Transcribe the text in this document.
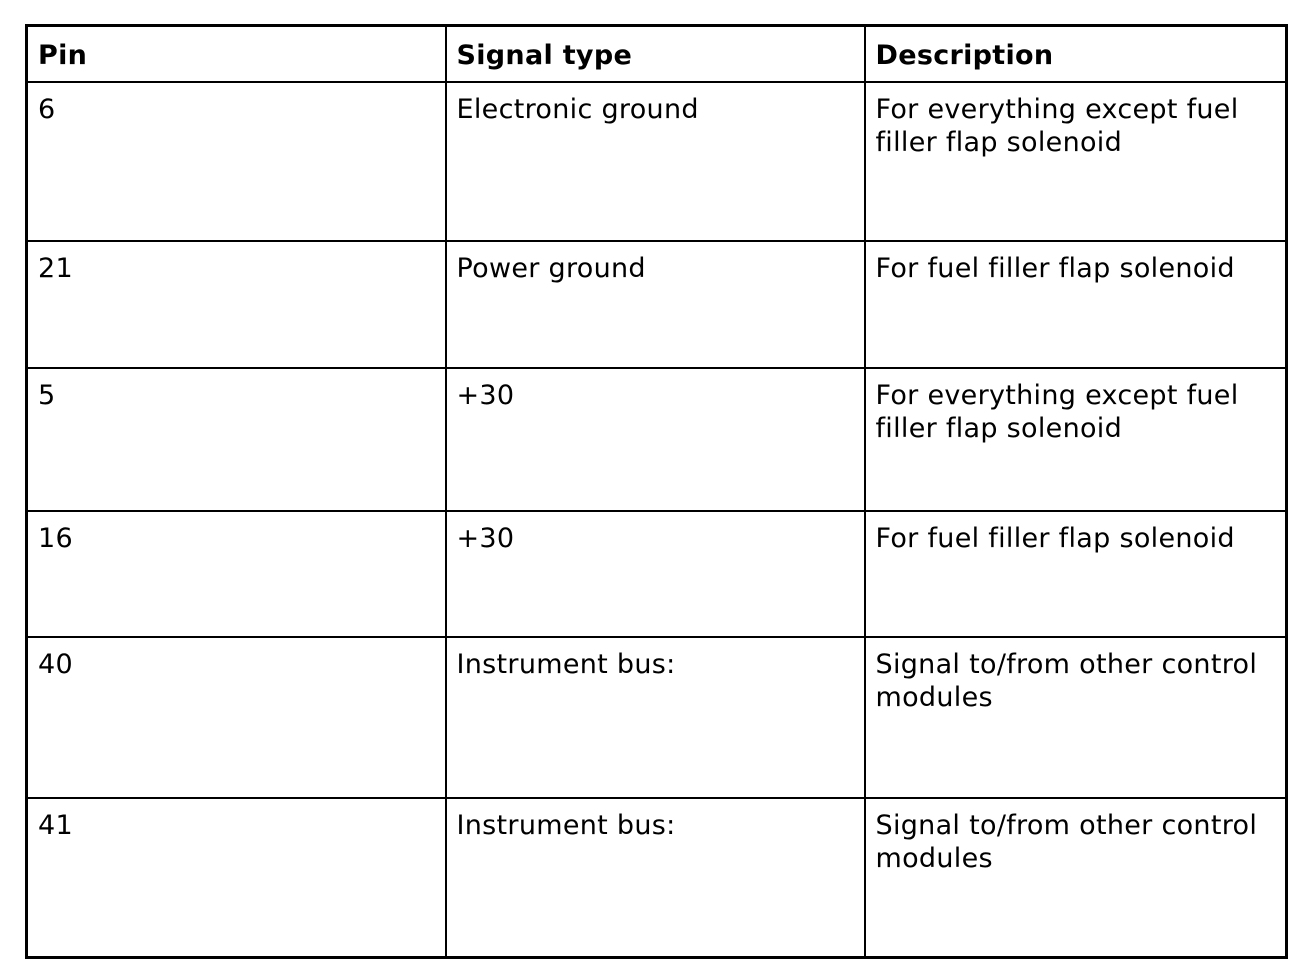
Pin	Signal type	Description
6	Electronic ground	For everything except fuel filler flap solenoid
21	Power ground	For fuel filler flap solenoid
5	+30	For everything except fuel filler flap solenoid
16	+30	For fuel filler flap solenoid
40	Instrument bus:	Signal to/from other control modules
41	Instrument bus:	Signal to/from other control modules
